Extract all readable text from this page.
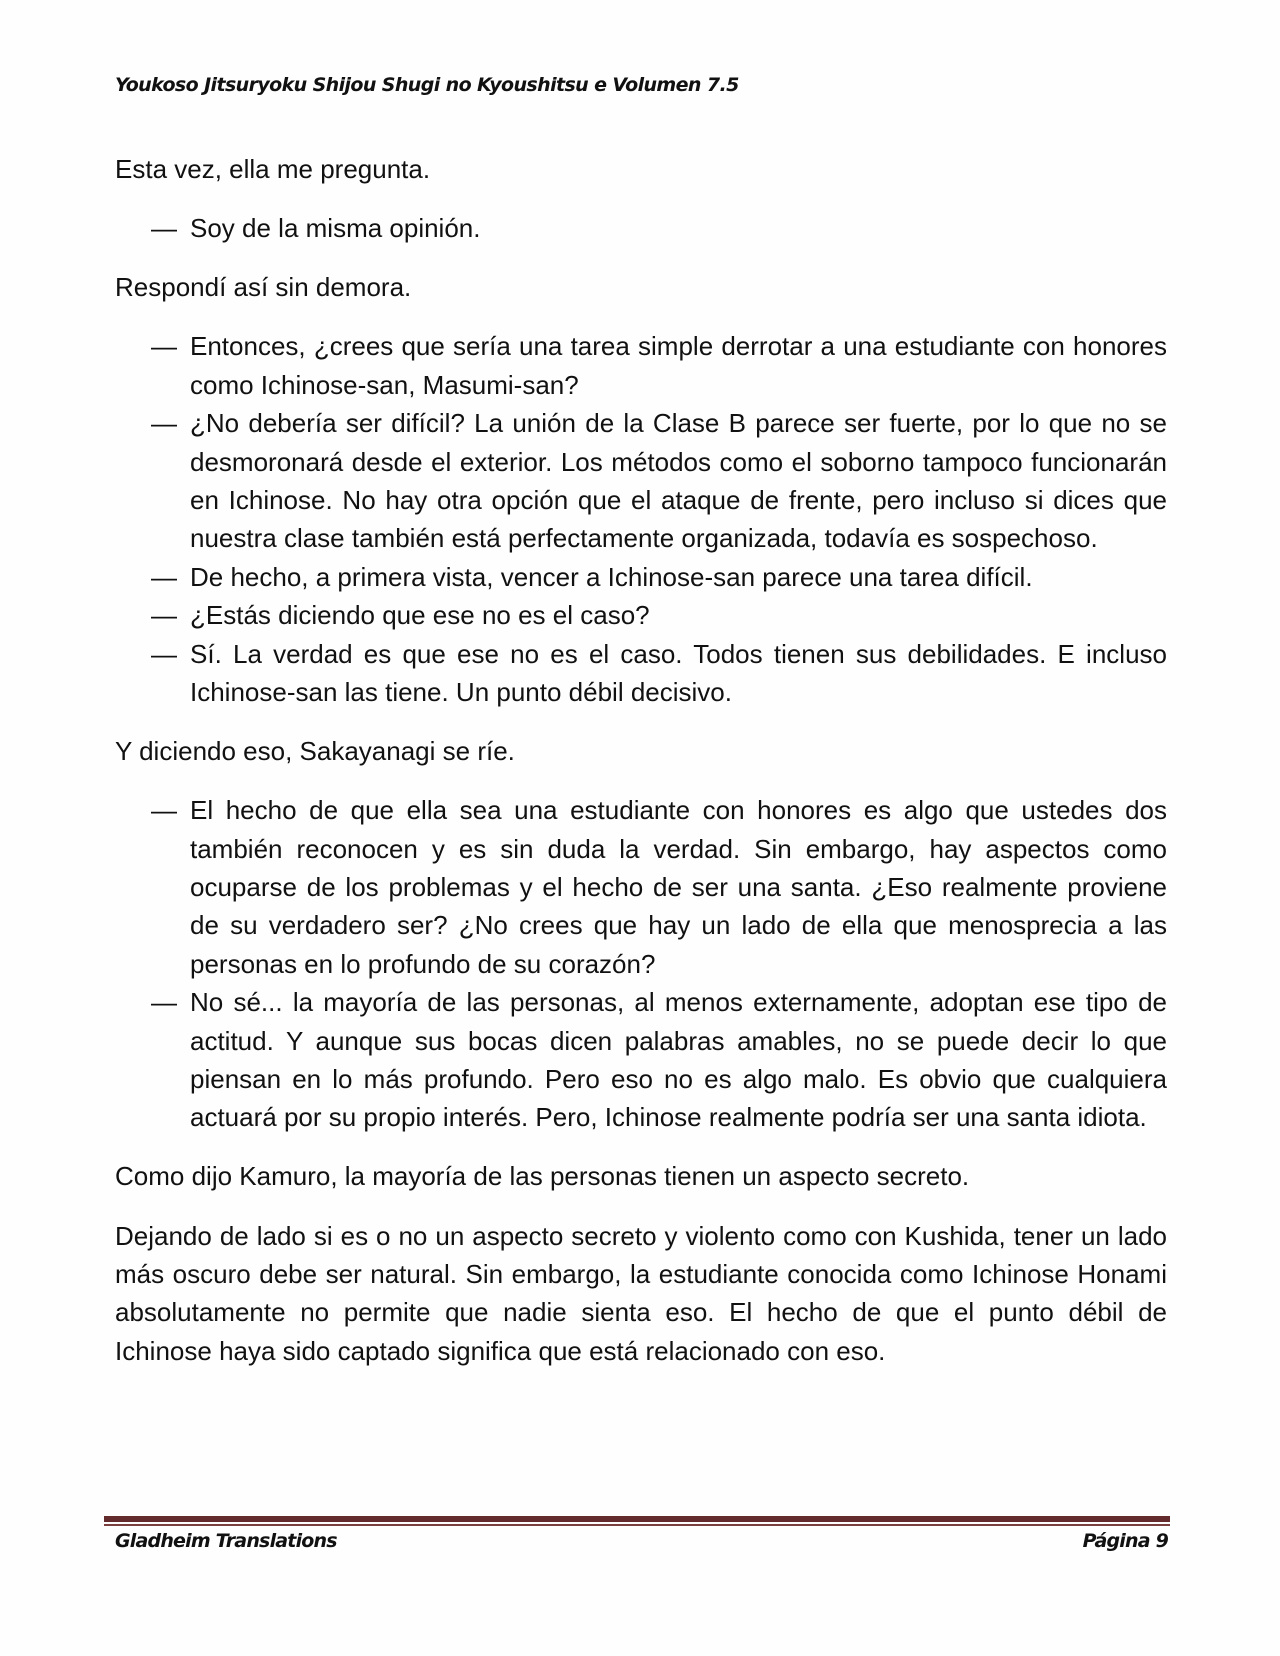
Youkoso Jitsuryoku Shijou Shugi no Kyoushitsu e Volumen 7.5

Esta vez, ella me pregunta.

— Soy de la misma opinión.

Respondí así sin demora.

— Entonces, ¿crees que sería una tarea simple derrotar a una estudiante con honores como Ichinose-san, Masumi-san?

— ¿No debería ser difícil? La unión de la Clase B parece ser fuerte, por lo que no se desmoronará desde el exterior. Los métodos como el soborno tampoco funcionarán en Ichinose. No hay otra opción que el ataque de frente, pero incluso si dices que nuestra clase también está perfectamente organizada, todavía es sospechoso.

— De hecho, a primera vista, vencer a Ichinose-san parece una tarea difícil.

— ¿Estás diciendo que ese no es el caso?

— Sí. La verdad es que ese no es el caso. Todos tienen sus debilidades. E incluso Ichinose-san las tiene. Un punto débil decisivo.

Y diciendo eso, Sakayanagi se ríe.

— El hecho de que ella sea una estudiante con honores es algo que ustedes dos también reconocen y es sin duda la verdad. Sin embargo, hay aspectos como ocuparse de los problemas y el hecho de ser una santa. ¿Eso realmente proviene de su verdadero ser? ¿No crees que hay un lado de ella que menosprecia a las personas en lo profundo de su corazón?

— No sé... la mayoría de las personas, al menos externamente, adoptan ese tipo de actitud. Y aunque sus bocas dicen palabras amables, no se puede decir lo que piensan en lo más profundo. Pero eso no es algo malo. Es obvio que cualquiera actuará por su propio interés. Pero, Ichinose realmente podría ser una santa idiota.

Como dijo Kamuro, la mayoría de las personas tienen un aspecto secreto.

Dejando de lado si es o no un aspecto secreto y violento como con Kushida, tener un lado más oscuro debe ser natural. Sin embargo, la estudiante conocida como Ichinose Honami absolutamente no permite que nadie sienta eso. El hecho de que el punto débil de Ichinose haya sido captado significa que está relacionado con eso.

Gladheim Translations	Página 9
